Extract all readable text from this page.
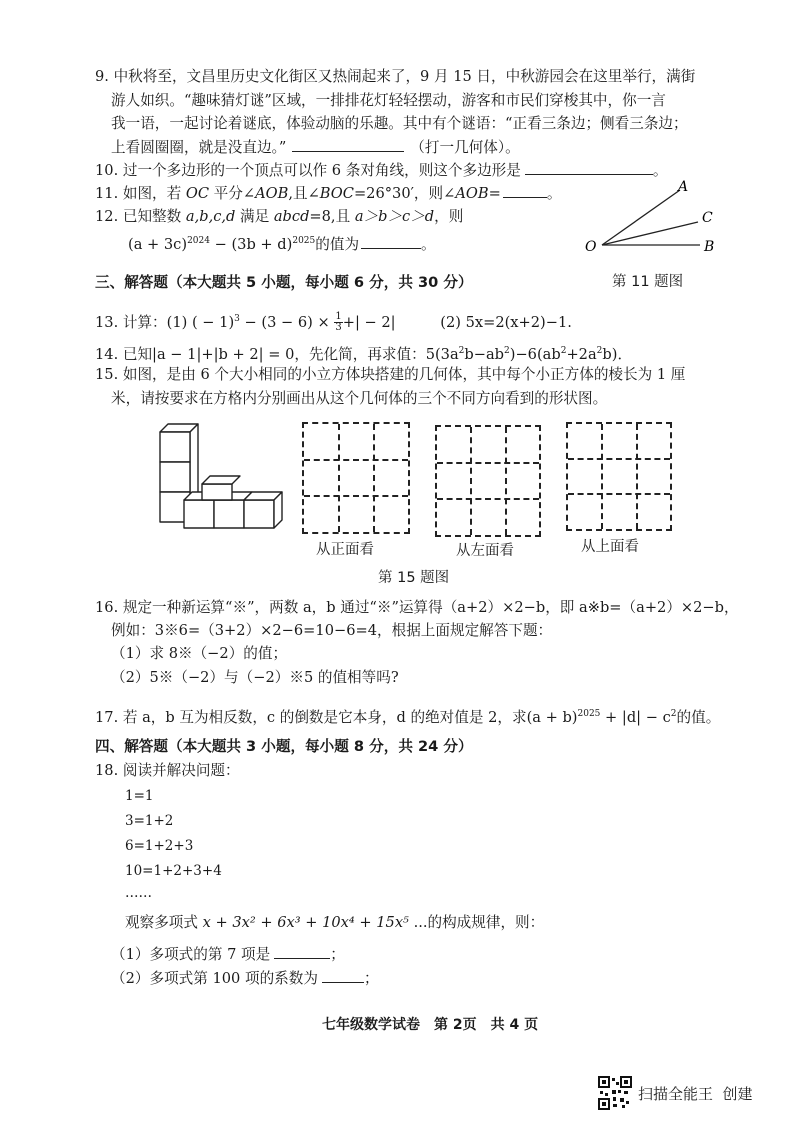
9. 中秋将至，文昌里历史文化街区又热闹起来了，9 月 15 日，中秋游园会在这里举行，满街
游人如织。“趣味猜灯谜”区域，一排排花灯轻轻摆动，游客和市民们穿梭其中，你一言
我一语，一起讨论着谜底，体验动脑的乐趣。其中有个谜语：“正看三条边；侧看三条边；
上看圆圈圈，就是没直边。”	（打一几何体）。
10. 过一个多边形的一个顶点可以作 6 条对角线，则这个多边形是	。
11. 如图，若 OC 平分∠AOB,且∠BOC=26°30′，则∠AOB=	。
12. 已知整数 a,b,c,d 满足 abcd=8,且 a＞b＞c＞d，则
$(a + 3c)^{2024} - (3b + d)^{2025}$的值为	。
A
C
O	B
第 11 题图
三、解答题（本大题共 5 小题，每小题 6 分，共 30 分）
13. 计算：(1) ( − $1)^3 - (3 - 6) \times \frac{1}{3}$ +| − 2|	(2) 5x=2(x+2)−1.
14. 已知|a − 1|+|b + 2| = 0，先化简，再求值：$5(3a^2b-ab^2)-6(ab^2+2a^2b)$．
15. 如图，是由 6 个大小相同的小立方体块搭建的几何体，其中每个小正方体的棱长为 1 厘
米，请按要求在方格内分别画出从这个几何体的三个不同方向看到的形状图。
从正面看	从左面看	从上面看
第 15 题图
16. 规定一种新运算“※”，两数 a，b 通过“※”运算得（a+2）×2−b，即 a※b=（a+2）×2−b，
例如：3※6=（3+2）×2−6=10−6=4，根据上面规定解答下题：
（1）求 8※（−2）的值；
（2）5※（−2）与（−2）※5 的值相等吗?
17. 若 a，b 互为相反数，c 的倒数是它本身，d 的绝对值是 2，求$(a + b)^{2025} + |d| - c^2$的值。
四、解答题（本大题共 3 小题，每小题 8 分，共 24 分）
18. 阅读并解决问题：
1=1
3=1+2
6=1+2+3
10=1+2+3+4
……
观察多项式 x + 3x² + 6x³ + 10x⁴ + 15x⁵ ...的构成规律，则：
（1）多项式的第 7 项是	；
（2）多项式第 100 项的系数为	；
七年级数学试卷　第 2页　共 4 页
扫描全能王  创建
